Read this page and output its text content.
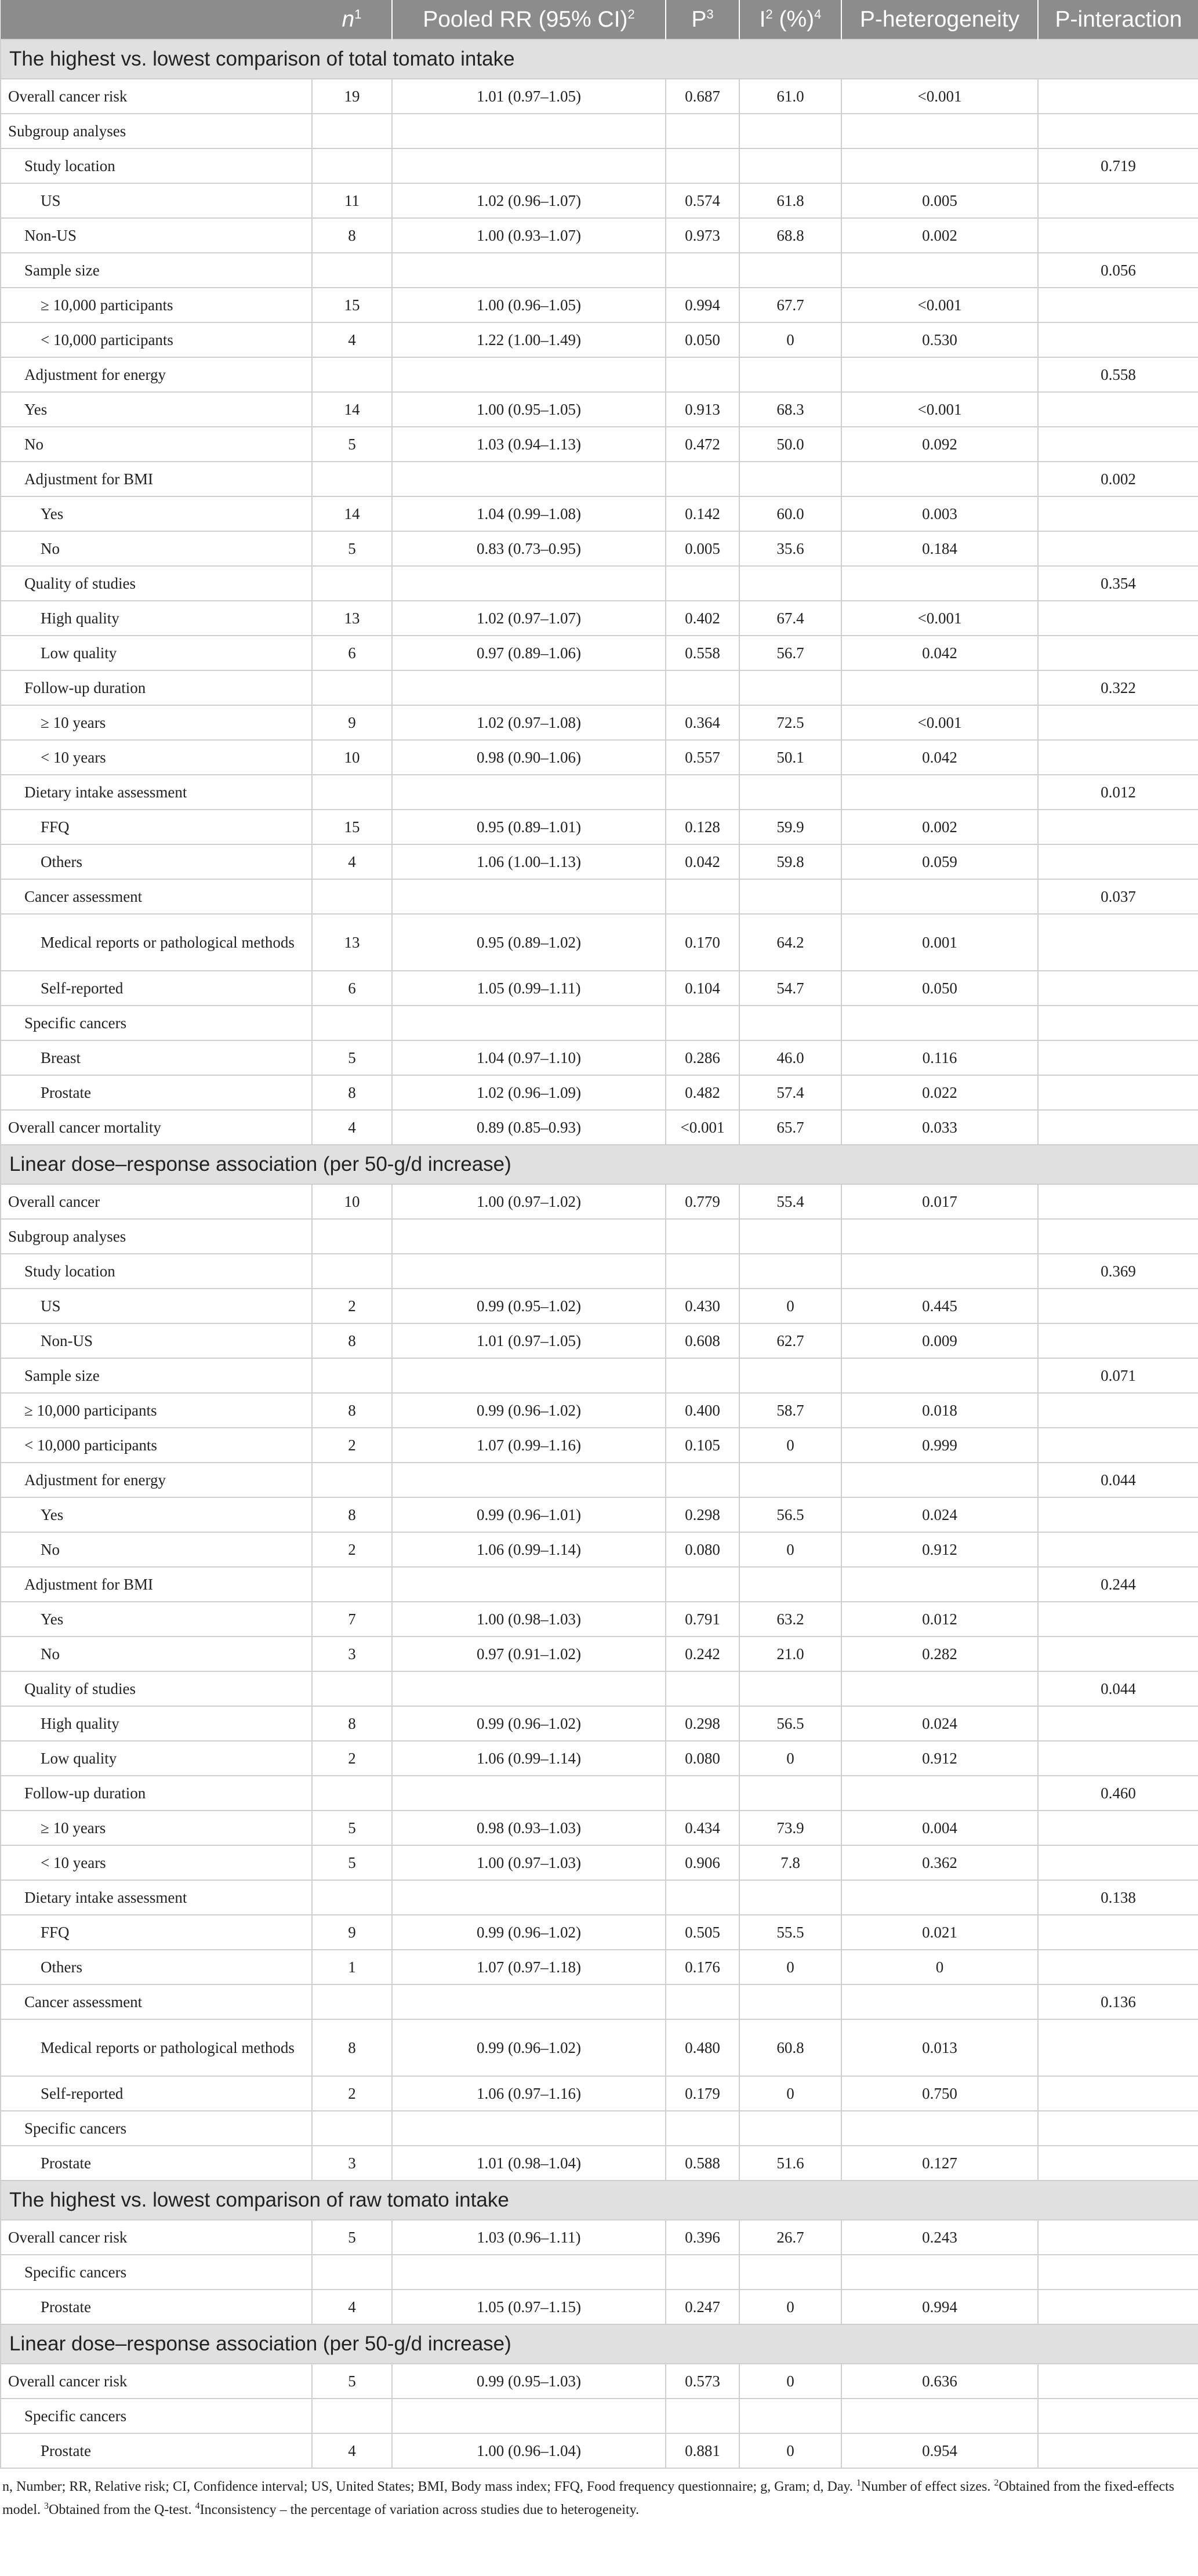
	$n^1$	Pooled RR (95% CI)$^2$	$P^3$	$I^2$ (%)$^4$	P-heterogeneity	P-interaction
The highest vs. lowest comparison of total tomato intake						
Overall cancer risk	19	1.01 (0.97–1.05)	0.687	61.0	<0.001	
Subgroup analyses						
Study location						0.719
US	11	1.02 (0.96–1.07)	0.574	61.8	0.005	
Non-US	8	1.00 (0.93–1.07)	0.973	68.8	0.002	
Sample size						0.056
≥ 10,000 participants	15	1.00 (0.96–1.05)	0.994	67.7	<0.001	
< 10,000 participants	4	1.22 (1.00–1.49)	0.050	0	0.530	
Adjustment for energy						0.558
Yes	14	1.00 (0.95–1.05)	0.913	68.3	<0.001	
No	5	1.03 (0.94–1.13)	0.472	50.0	0.092	
Adjustment for BMI						0.002
Yes	14	1.04 (0.99–1.08)	0.142	60.0	0.003	
No	5	0.83 (0.73–0.95)	0.005	35.6	0.184	
Quality of studies						0.354
High quality	13	1.02 (0.97–1.07)	0.402	67.4	<0.001	
Low quality	6	0.97 (0.89–1.06)	0.558	56.7	0.042	
Follow-up duration						0.322
≥ 10 years	9	1.02 (0.97–1.08)	0.364	72.5	<0.001	
< 10 years	10	0.98 (0.90–1.06)	0.557	50.1	0.042	
Dietary intake assessment						0.012
FFQ	15	0.95 (0.89–1.01)	0.128	59.9	0.002	
Others	4	1.06 (1.00–1.13)	0.042	59.8	0.059	
Cancer assessment						0.037
Medical reports or pathological methods	13	0.95 (0.89–1.02)	0.170	64.2	0.001	
Self-reported	6	1.05 (0.99–1.11)	0.104	54.7	0.050	
Specific cancers						
Breast	5	1.04 (0.97–1.10)	0.286	46.0	0.116	
Prostate	8	1.02 (0.96–1.09)	0.482	57.4	0.022	
Overall cancer mortality	4	0.89 (0.85–0.93)	<0.001	65.7	0.033	
Linear dose–response association (per 50-g/d increase)						
Overall cancer	10	1.00 (0.97–1.02)	0.779	55.4	0.017	
Subgroup analyses						
Study location						0.369
US	2	0.99 (0.95–1.02)	0.430	0	0.445	
Non-US	8	1.01 (0.97–1.05)	0.608	62.7	0.009	
Sample size						0.071
≥ 10,000 participants	8	0.99 (0.96–1.02)	0.400	58.7	0.018	
< 10,000 participants	2	1.07 (0.99–1.16)	0.105	0	0.999	
Adjustment for energy						0.044
Yes	8	0.99 (0.96–1.01)	0.298	56.5	0.024	
No	2	1.06 (0.99–1.14)	0.080	0	0.912	
Adjustment for BMI						0.244
Yes	7	1.00 (0.98–1.03)	0.791	63.2	0.012	
No	3	0.97 (0.91–1.02)	0.242	21.0	0.282	
Quality of studies						0.044
High quality	8	0.99 (0.96–1.02)	0.298	56.5	0.024	
Low quality	2	1.06 (0.99–1.14)	0.080	0	0.912	
Follow-up duration						0.460
≥ 10 years	5	0.98 (0.93–1.03)	0.434	73.9	0.004	
< 10 years	5	1.00 (0.97–1.03)	0.906	7.8	0.362	
Dietary intake assessment						0.138
FFQ	9	0.99 (0.96–1.02)	0.505	55.5	0.021	
Others	1	1.07 (0.97–1.18)	0.176	0	0	
Cancer assessment						0.136
Medical reports or pathological methods	8	0.99 (0.96–1.02)	0.480	60.8	0.013	
Self-reported	2	1.06 (0.97–1.16)	0.179	0	0.750	
Specific cancers						
Prostate	3	1.01 (0.98–1.04)	0.588	51.6	0.127	
The highest vs. lowest comparison of raw tomato intake						
Overall cancer risk	5	1.03 (0.96–1.11)	0.396	26.7	0.243	
Specific cancers						
Prostate	4	1.05 (0.97–1.15)	0.247	0	0.994	
Linear dose–response association (per 50-g/d increase)						
Overall cancer risk	5	0.99 (0.95–1.03)	0.573	0	0.636	
Specific cancers						
Prostate	4	1.00 (0.96–1.04)	0.881	0	0.954	
n, Number; RR, Relative risk; CI, Confidence interval; US, United States; BMI, Body mass index; FFQ, Food frequency questionnaire; g, Gram; d, Day. $^1$Number of effect sizes. $^2$Obtained from the fixed-effects model. $^3$Obtained from the Q-test. $^4$Inconsistency – the percentage of variation across studies due to heterogeneity.
